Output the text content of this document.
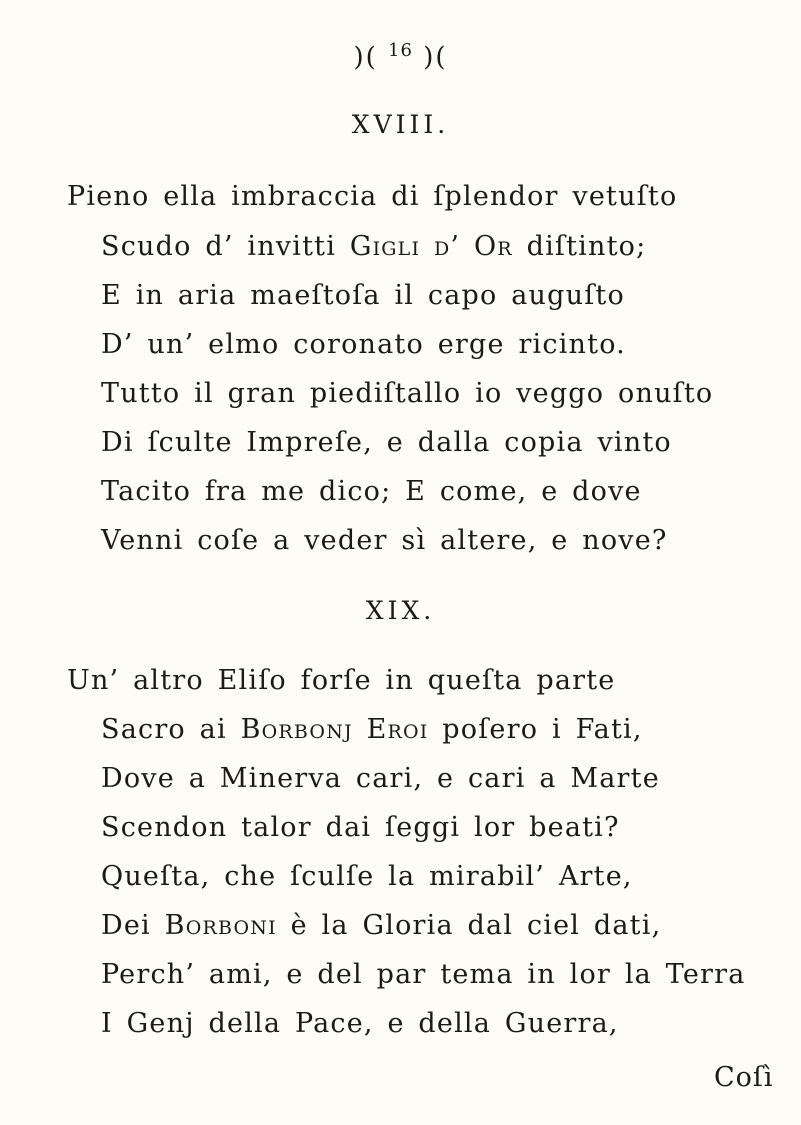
)( $^{16}$ )(
XVIII.
Pieno ella imbraccia di ſplendor vetuſto
Scudo d’ invitti Gigli d’ Or diſtinto;
E in aria maeſtoſa il capo auguſto
D’ un’ elmo coronato erge ricinto.
Tutto il gran piediſtallo io veggo onuſto
Di ſculte Impreſe, e dalla copia vinto
Tacito fra me dico; E come, e dove
Venni coſe a veder sì altere, e nove?
XIX.
Un’ altro Eliſo forſe in queſta parte
Sacro ai Borbonj Eroi poſero i Fati,
Dove a Minerva cari, e cari a Marte
Scendon talor dai ſeggi lor beati?
Queſta, che ſculſe la mirabil’ Arte,
Dei Borboni è la Gloria dal ciel dati,
Perch’ ami, e del par tema in lor la Terra
I Genj della Pace, e della Guerra,
Coſì
